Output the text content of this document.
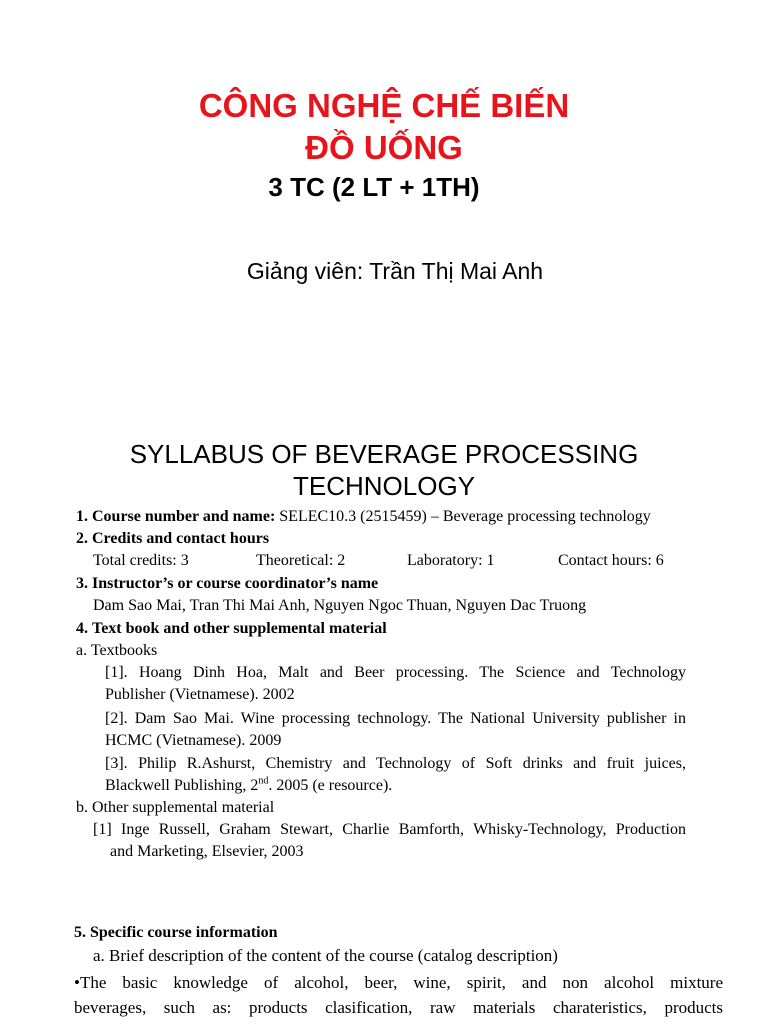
CÔNG NGHỆ CHẾ BIẾN
ĐỒ UỐNG
3 TC (2 LT + 1TH)
Giảng viên: Trần Thị Mai Anh
SYLLABUS OF BEVERAGE PROCESSING
TECHNOLOGY
1. Course number and name: SELEC10.3 (2515459) – Beverage processing technology
2. Credits and contact hours
Total credits: 3	Theoretical: 2	Laboratory: 1	Contact hours: 6
3. Instructor’s or course coordinator’s name
Dam Sao Mai, Tran Thi Mai Anh, Nguyen Ngoc Thuan, Nguyen Dac Truong
4. Text book and other supplemental material
a. Textbooks
[1]. Hoang Dinh Hoa, Malt and Beer processing. The Science and Technology
Publisher (Vietnamese). 2002
[2]. Dam Sao Mai. Wine processing technology. The National University publisher in
HCMC (Vietnamese). 2009
[3]. Philip R.Ashurst, Chemistry and Technology of Soft drinks and fruit juices,
Blackwell Publishing, 2nd. 2005 (e resource).
b. Other supplemental material
[1] Inge Russell, Graham Stewart, Charlie Bamforth, Whisky-Technology, Production
and Marketing, Elsevier, 2003
5. Specific course information
a. Brief description of the content of the course (catalog description)
•The basic knowledge of alcohol, beer, wine, spirit, and non alcohol mixture
beverages, such as: products clasification, raw materials charateristics, products
